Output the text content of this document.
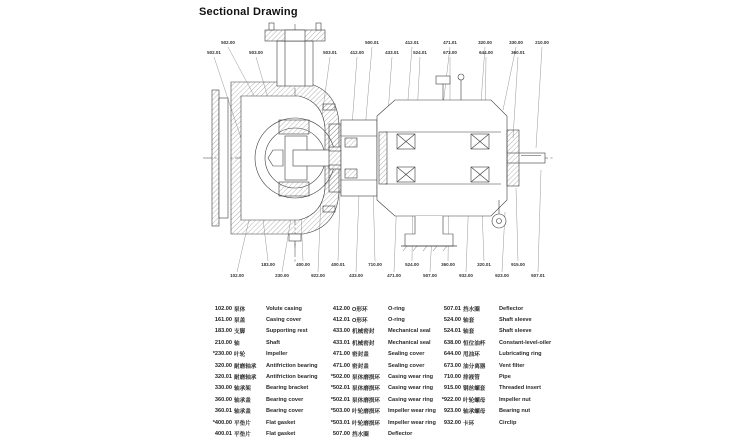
Sectional Drawing
502.00	500.01	412.01	471.01	320.00	330.00	210.00
502.01	503.00	503.01	412.00	433.01	524.01	673.00	644.00	360.01
183.00	400.00	400.01	710.00	524.00	360.00	320.01	915.00
102.00	230.00	922.00	433.00	471.00	507.00	932.00	923.00	507.01
102.00 泵体	Volute casing
161.00 泵盖	Casing cover
183.00 支脚	Supporting rest
210.00 轴	Shaft
*230.00 叶轮	Impeller
320.00 耐磨轴承	Antifriction bearing
320.01 耐磨轴承	Antifriction bearing
330.00 轴承架	Bearing bracket
360.00 轴承盖	Bearing cover
360.01 轴承盖	Bearing cover
*400.00 平垫片	Flat gasket
400.01 平垫片	Flat gasket
412.00 O形环	O-ring
412.01 O形环	O-ring
433.00 机械密封	Mechanical seal
433.01 机械密封	Mechanical seal
471.00 密封盖	Sealing cover
471.00 密封盖	Sealing cover
*502.00 泵体磨损环	Casing wear ring
*502.01 泵体磨损环	Casing wear ring
*502.01 泵体磨损环	Casing wear ring
*503.00 叶轮磨损环	Impeller wear ring
*503.01 叶轮磨损环	Impeller wear ring
507.00 挡水圈	Deflector
507.01 挡水圈	Deflector
524.00 轴套	Shaft sleeve
524.01 轴套	Shaft sleeve
638.00 恒位油杯	Constant-level-oiler
644.00 甩油环	Lubricating ring
673.00 油分离器	Vent filter
710.00 排液管	Pipe
915.00 钢丝螺套	Threaded insert
*922.00 叶轮螺母	Impeller nut
923.00 轴承螺母	Bearing nut
932.00 卡环	Circlip
